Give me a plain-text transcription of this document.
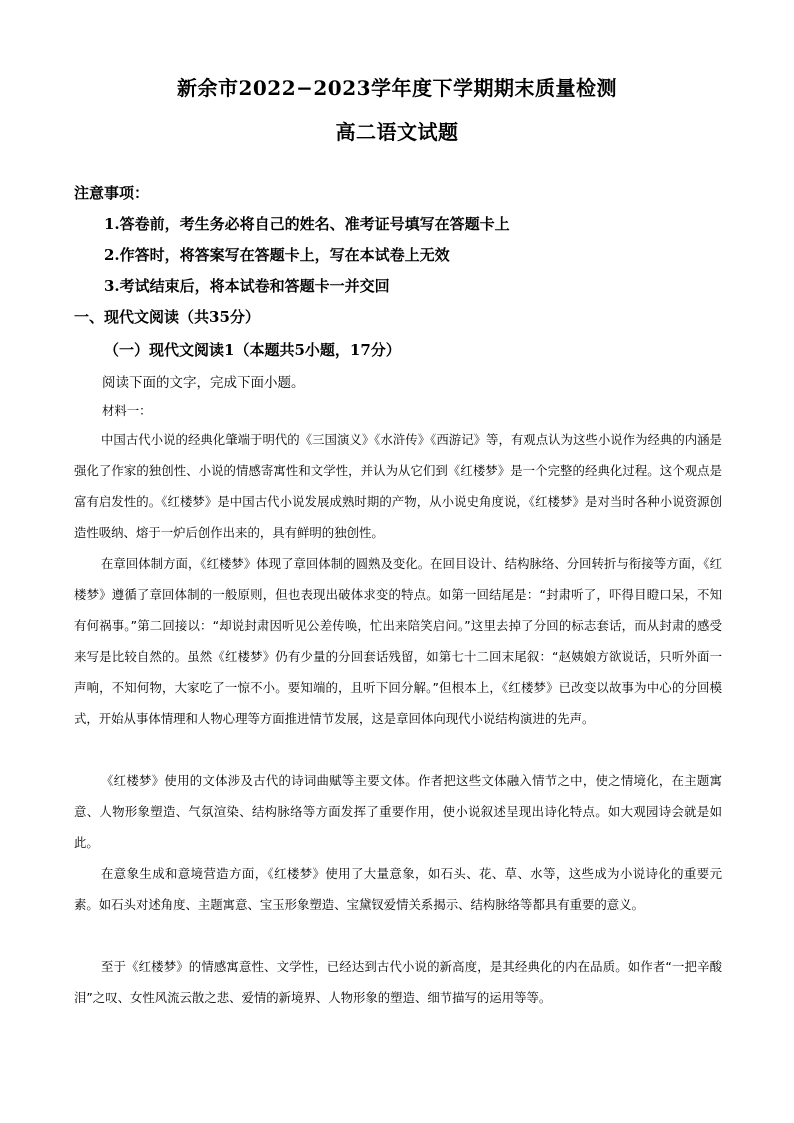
新余市2022−2023学年度下学期期末质量检测
高二语文试题
注意事项：
1.答卷前，考生务必将自己的姓名、准考证号填写在答题卡上
2.作答时，将答案写在答题卡上，写在本试卷上无效
3.考试结束后，将本试卷和答题卡一并交回
一、现代文阅读（共35分）
（一）现代文阅读1（本题共5小题，17分）
阅读下面的文字，完成下面小题。
材料一：

中国古代小说的经典化肇端于明代的《三国演义》《水浒传》《西游记》等，有观点认为这些小说作为经典的内涵是强化了作家的独创性、小说的情感寄寓性和文学性，并认为从它们到《红楼梦》是一个完整的经典化过程。这个观点是富有启发性的。《红楼梦》是中国古代小说发展成熟时期的产物，从小说史角度说，《红楼梦》是对当时各种小说资源创造性吸纳、熔于一炉后创作出来的，具有鲜明的独创性。

在章回体制方面，《红楼梦》体现了章回体制的圆熟及变化。在回目设计、结构脉络、分回转折与衔接等方面，《红楼梦》遵循了章回体制的一般原则，但也表现出破体求变的特点。如第一回结尾是：“封肃听了，吓得目瞪口呆，不知有何祸事。”第二回接以：“却说封肃因听见公差传唤，忙出来陪笑启问。”这里去掉了分回的标志套话，而从封肃的感受来写是比较自然的。虽然《红楼梦》仍有少量的分回套话残留，如第七十二回末尾叙：“赵姨娘方欲说话，只听外面一声响，不知何物，大家吃了一惊不小。要知端的，且听下回分解。”但根本上，《红楼梦》已改变以故事为中心的分回模式，开始从事体情理和人物心理等方面推进情节发展，这是章回体向现代小说结构演进的先声。

《红楼梦》使用的文体涉及古代的诗词曲赋等主要文体。作者把这些文体融入情节之中，使之情境化，在主题寓意、人物形象塑造、气氛渲染、结构脉络等方面发挥了重要作用，使小说叙述呈现出诗化特点。如大观园诗会就是如此。

在意象生成和意境营造方面，《红楼梦》使用了大量意象，如石头、花、草、水等，这些成为小说诗化的重要元素。如石头对述角度、主题寓意、宝玉形象塑造、宝黛钗爱情关系揭示、结构脉络等都具有重要的意义。

至于《红楼梦》的情感寓意性、文学性，已经达到古代小说的新高度，是其经典化的内在品质。如作者“一把辛酸泪”之叹、女性风流云散之悲、爱情的新境界、人物形象的塑造、细节描写的运用等等。
